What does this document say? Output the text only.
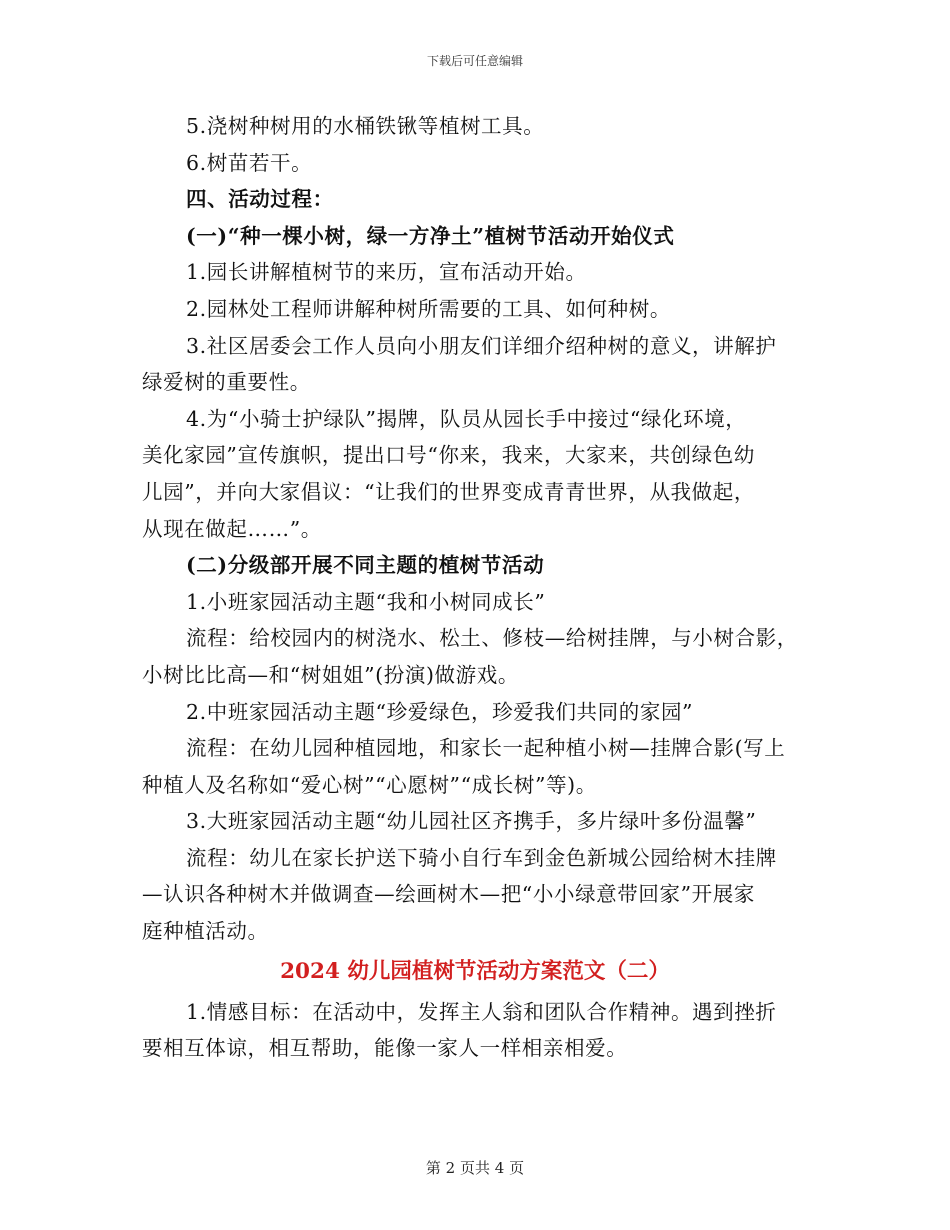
下载后可任意编辑
5.浇树种树用的水桶铁锹等植树工具。
6.树苗若干。
四、活动过程：
(一)“种一棵小树，绿一方净土”植树节活动开始仪式
1.园长讲解植树节的来历，宣布活动开始。
2.园林处工程师讲解种树所需要的工具、如何种树。
3.社区居委会工作人员向小朋友们详细介绍种树的意义，讲解护
绿爱树的重要性。
4.为“小骑士护绿队”揭牌，队员从园长手中接过“绿化环境，
美化家园”宣传旗帜，提出口号“你来，我来，大家来，共创绿色幼
儿园”，并向大家倡议：“让我们的世界变成青青世界，从我做起，
从现在做起……”。
(二)分级部开展不同主题的植树节活动
1.小班家园活动主题“我和小树同成长”
流程：给校园内的树浇水、松土、修枝—给树挂牌，与小树合影，
小树比比高—和“树姐姐”(扮演)做游戏。
2.中班家园活动主题“珍爱绿色，珍爱我们共同的家园”
流程：在幼儿园种植园地，和家长一起种植小树—挂牌合影(写上
种植人及名称如“爱心树”“心愿树”“成长树”等)。
3.大班家园活动主题“幼儿园社区齐携手，多片绿叶多份温馨”
流程：幼儿在家长护送下骑小自行车到金色新城公园给树木挂牌
—认识各种树木并做调查—绘画树木—把“小小绿意带回家”开展家
庭种植活动。
2024 幼儿园植树节活动方案范文（二）
1.情感目标：在活动中，发挥主人翁和团队合作精神。遇到挫折
要相互体谅，相互帮助，能像一家人一样相亲相爱。
第 2 页共 4 页
